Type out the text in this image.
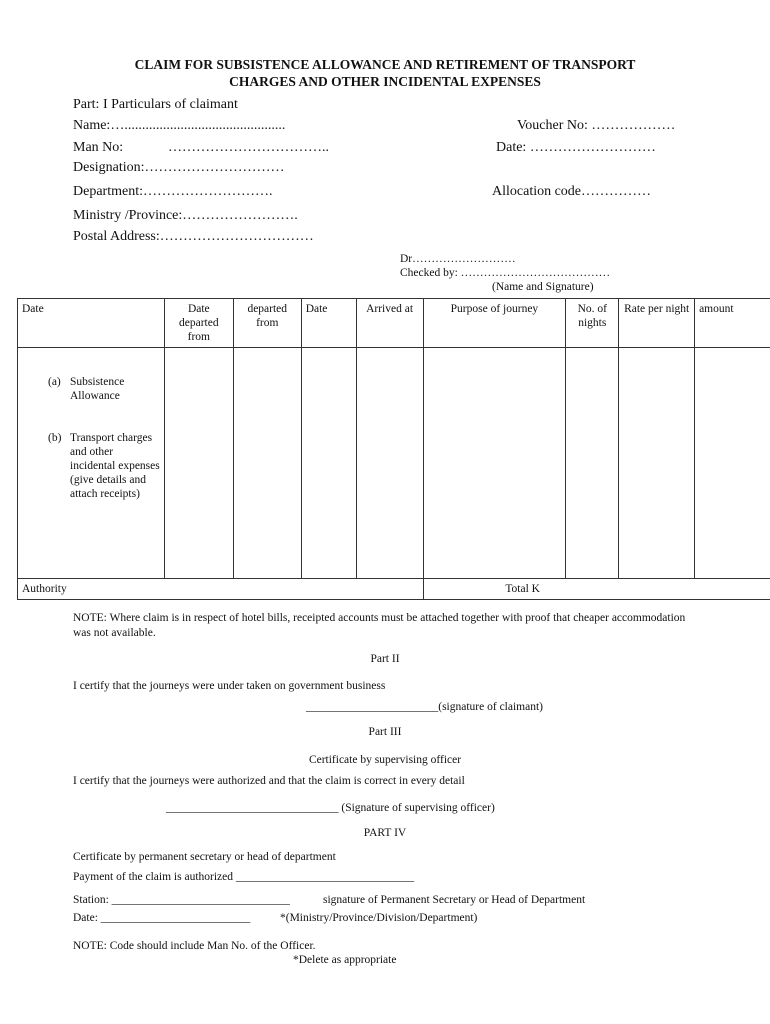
CLAIM FOR SUBSISTENCE ALLOWANCE AND RETIREMENT OF TRANSPORT
CHARGES AND OTHER INCIDENTAL EXPENSES
Part: I Particulars of claimant
Name:…..............................................	Voucher No: ………………
Man No:	……………………………..	Date: ………………………
Designation:…………………………
Department:……………………….	Allocation code……………
Ministry /Province:…………………….
Postal Address:……………………………
Dr………………………
Checked by: …………………………………
(Name and Signature)
Date	Date departed from	departed from	Date	Arrived at	Purpose of journey	No. of nights	Rate per night	amount

(a) Subsistence Allowance
(b) Transport charges and other incidental expenses (give details and attach receipts)								

Authority					Total K			
NOTE: Where claim is in respect of hotel bills, receipted accounts must be attached together with proof that cheaper accommodation was not available.
Part II
I certify that the journeys were under taken on government business
_______________________(signature of claimant)
Part III
Certificate by supervising officer
I certify that the journeys were authorized and that the claim is correct in every detail
______________________________ (Signature of supervising officer)
PART IV
Certificate by permanent secretary or head of department
Payment of the claim is authorized _______________________________
Station: _______________________________	signature of Permanent Secretary or Head of Department
Date: __________________________	*(Ministry/Province/Division/Department)
NOTE: Code should include Man No. of the Officer.
*Delete as appropriate
